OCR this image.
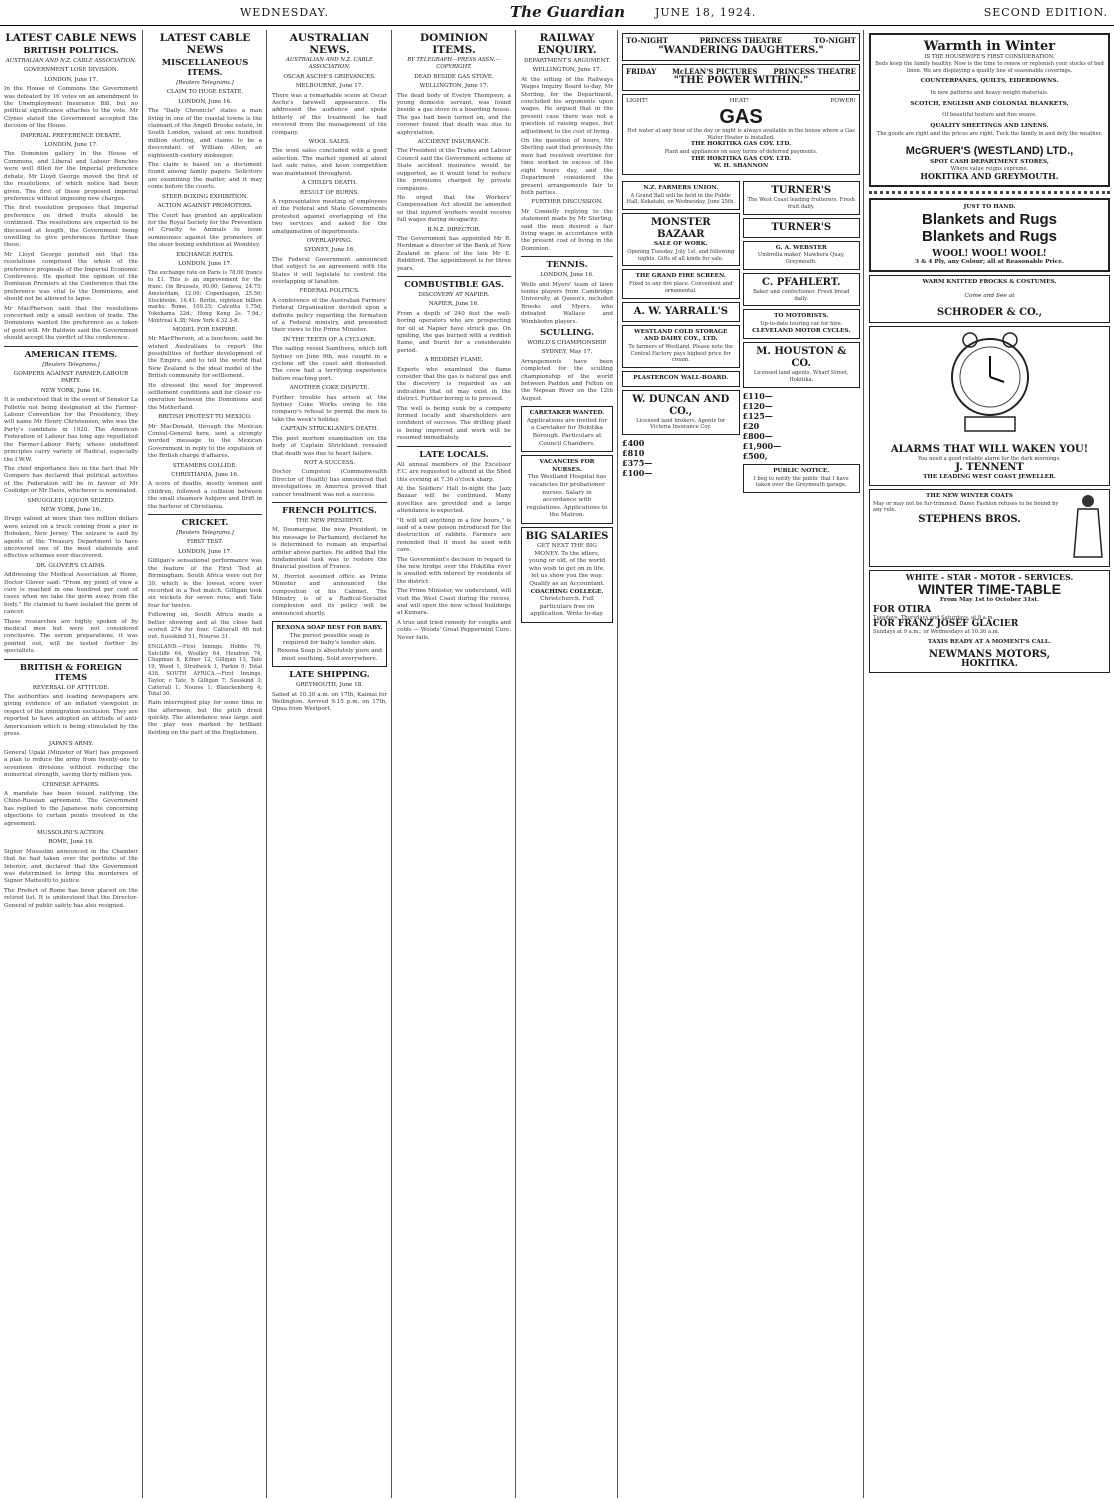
WEDNESDAY.	The Guardian	JUNE 18, 1924.	SECOND EDITION.
LATEST CABLE NEWS
BRITISH POLITICS.
AUSTRALIAN AND N.Z. CABLE ASSOCIATION.
GOVERNMENT LOSE DIVISION.
LONDON, June 17.
In the House of Commons the Government was defeated by 16 votes on an amendment to the Unemployment Insurance Bill, but no political significance attaches to the vote. Mr Clynes stated the Government accepted the decision of the House.
IMPERIAL PREFERENCE DEBATE.
LONDON, June 17.
The Dominion gallery in the House of Commons, and Liberal and Labour Benches were well filled for the Imperial preference debate, Mr Lloyd George moved the first of the resolutions, of which notice had been given. The first of these proposed imperial preference without imposing new charges.
The first resolution proposes that Imperial preference on dried fruits should be continued. The resolutions are expected to be discussed at length, the Government being unwilling to give preferences further than these.
Mr Lloyd George pointed out that the resolutions comprised the whole of the preference proposals of the Imperial Economic Conference. He quoted the opinion of the Dominion Premiers at the Conference that the preference was vital to the Dominions, and should not be allowed to lapse.
Mr MacPherson said that the resolutions concerned only a small section of trade. The Dominions wanted the preference as a token of good-will. Mr Baldwin said the Government should accept the verdict of the conference.
AMERICAN ITEMS.
[Reuters Telegrams.]
GOMPERS AGAINST FARMER-LABOUR PARTY.
NEW YORK, June 16.
It is understood that in the event of Senator La Follette not being designated at the Farmer-Labour Convention for the Presidency, they will name Mr Henry Christensen, who was the Party's candidate in 1920. The American Federation of Labour has long ago repudiated the Farmer-Labour Party, whose undefined principles carry variety of Radical, especially the I.W.W.
The chief importance lies in the fact that Mr Gompers has declared that political activities of the Federation will be in favour of Mr Coolidge or Mr Davis, whichever is nominated.
SMUGGLED LIQUOR SEIZED.
NEW YORK, June 16.
Drugs valued at more than two million dollars were seized on a truck coming from a pier in Hoboken, New Jersey. The seizure is said by agents of the Treasury Department to have uncovered one of the most elaborate and effective schemes ever discovered.
DR. GLOVER'S CLAIMS.
Addressing the Medical Association at Rome, Doctor Glover said: "From my point of view a cure is reached in one hundred per cent of cases when we take the germ away from the body." He claimed to have isolated the germ of cancer.
These researches are highly spoken of by medical men but were not considered conclusive. The serum preparations, it was pointed out, will be tested further by specialists.
BRITISH & FOREIGN ITEMS
REVERSAL OF ATTITUDE.
The authorities and leading newspapers are giving evidence of an inflated viewpoint in respect of the immigration exclusion. They are reported to have adopted an attitude of anti-Americanism which is being stimulated by the press.
JAPAN'S ARMY.
General Ugaki (Minister of War) has proposed a plan to reduce the army from twenty-one to seventeen divisions without reducing the numerical strength, saving thirty million yen.
CHINESE AFFAIRS.
A mandate has been issued ratifying the Chino-Russian agreement. The Government has replied to the Japanese note concerning objections to certain points involved in the agreement.
MUSSOLINI'S ACTION.
ROME, June 16.
Signor Mussolini announced in the Chamber that he had taken over the portfolio of the Interior, and declared that the Government was determined to bring the murderers of Signor Matteotti to justice.
The Prefect of Rome has been placed on the retired list. It is understood that the Director-General of public safety has also resigned.
LATEST CABLE NEWS
MISCELLANEOUS ITEMS.
[Reuters Telegrams.]
CLAIM TO HUGE ESTATE.
LONDON, June 16.
The "Daily Chronicle" states a man living in one of the coastal towns is the claimant of the Angell Brooke estate, in South London, valued at one hundred million sterling, and claims to be a descendant of William Allen, an eighteenth-century innkeeper.
The claim is based on a document found among family papers. Solicitors are examining the matter, and it may come before the courts.
STEER BOXING EXHIBITION.
ACTION AGAINST PROMOTERS.
The Court has granted an application for the Royal Society for the Prevention of Cruelty to Animals to issue summonses against the promoters of the steer boxing exhibition at Wembley.
EXCHANGE RATES.
LONDON, June 17.
The exchange rate on Paris is 78.00 francs to £1. This is an improvement for the franc. On Brussels, 90.00; Geneva, 24.75; Amsterdam, 12.00; Copenhagen, 25.50; Stockholm, 16.41; Berlin, eighteen billion marks; Rome, 100.25; Calcutta 1.75d; Yokohama 22d.; Hong Kong 2s. 7.9d.; Montreal 4.38; New York 4.32 3-8.
MODEL FOR EMPIRE.
Mr MacPherson, at a luncheon, said he wished Australians to report the possibilities of further development of the Empire, and to tell the world that New Zealand is the ideal model of the British community for settlement.
He stressed the need for improved settlement conditions and for closer co-operation between the Dominions and the Motherland.
BRITISH PROTEST TO MEXICO.
Mr MacDonald, through the Mexican Consul-General here, sent a strongly worded message to the Mexican Government in reply to the expulsion of the British chargé d'affaires.
STEAMERS COLLIDE.
CHRISTIANIA, June 16.
A score of deaths, mostly women and children, followed a collision between the small steamers Asbjorn and Drift in the harbour of Christiania.
CRICKET.
[Reuters Telegrams.]
FIRST TEST.
LONDON, June 17.
Gilligan's sensational performance was the feature of the First Test at Birmingham. South Africa were out for 30, which is the lowest score ever recorded in a Test match. Gilligan took six wickets for seven runs, and Tate four for twelve.
Following on, South Africa made a better showing and at the close had scored 274 for four. Catterall 46 not out, Susskind 51, Nourse 31.
ENGLAND.—First Innings. Hobbs 76, Sutcliffe 64, Woolley 64, Hendren 74, Chapman 8, Kilner 12, Gilligan 13, Tate 19, Wood 1, Strudwick 1, Parkin 0; Total 438. SOUTH AFRICA.—First Innings. Taylor, c Tate, b Gilligan 7; Susskind 3; Catterall 1; Nourse 1; Blanckenberg 4; Total 30.
Rain interrupted play for some time in the afternoon, but the pitch dried quickly. The attendance was large and the play was marked by brilliant fielding on the part of the Englishmen.
AUSTRALIAN NEWS.
AUSTRALIAN AND N.Z. CABLE ASSOCIATION.
OSCAR ASCHE'S GRIEVANCES.
MELBOURNE, June 17.
There was a remarkable scene at Oscar Asche's farewell appearance. He addressed the audience and spoke bitterly of the treatment he had received from the management of the company.
WOOL SALES.
The wool sales concluded with a good selection. The market opened at about last sale rates, and keen competition was maintained throughout.
A CHILD'S DEATH.
RESULT OF BURNS.
A representative meeting of employees of the Federal and State Governments protested against overlapping of the two services and asked for the amalgamation of departments.
OVERLAPPING.
SYDNEY, June 16.
The Federal Government announced that subject to an agreement with the States it will legislate to control the overlapping of taxation.
FEDERAL POLITICS.
A conference of the Australian Farmers' Federal Organisation decided upon a definite policy regarding the formation of a Federal ministry, and presented their views to the Prime Minister.
IN THE TEETH OF A CYCLONE.
The sailing vessel Sainthura, which left Sydney on June 9th, was caught in a cyclone off the coast and dismasted. The crew had a terrifying experience before reaching port.
ANOTHER COKE DISPUTE.
Further trouble has arisen at the Sydney Coke Works owing to the company's refusal to permit the men to take the week's holiday.
CAPTAIN STRICKLAND'S DEATH.
The post mortem examination on the body of Captain Strickland revealed that death was due to heart failure.
NOT A SUCCESS.
Doctor Cumpston (Commonwealth Director of Health) has announced that investigations in America proved that cancer treatment was not a success.
FRENCH POLITICS.
THE NEW PRESIDENT.
M. Doumergue, the new President, in his message to Parliament, declared he is determined to remain an impartial arbiter above parties. He added that the fundamental task was to restore the financial position of France.
M. Herriot assumed office as Prime Minister and announced the composition of his Cabinet. The Ministry is of a Radical-Socialist complexion and its policy will be announced shortly.
REXONA SOAP BEST FOR BABY.
The purest possible soap is required for baby's tender skin. Rexona Soap is absolutely pure and most soothing. Sold everywhere.
LATE SHIPPING.
GREYMOUTH, June 18.
Sailed at 10.30 a.m. on 17th, Kaimai for Wellington. Arrived 9.15 p.m. on 17th, Opua from Westport.
DOMINION ITEMS.
BY TELEGRAPH—PRESS ASSN.—COPYRIGHT.
DEAD BESIDE GAS STOVE.
WELLINGTON, June 17.
The dead body of Evelyn Thompson, a young domestic servant, was found beside a gas stove in a boarding house. The gas had been turned on, and the coroner found that death was due to asphyxiation.
ACCIDENT INSURANCE.
The President of the Trades and Labour Council said the Government scheme of State accident insurance would be supported, as it would tend to reduce the premiums charged by private companies.
He urged that the Workers' Compensation Act should be amended so that injured workers would receive full wages during incapacity.
B.N.Z. DIRECTOR.
The Government has appointed Mr R. Herdman a director of the Bank of New Zealand in place of the late Mr E. Riddiford. The appointment is for three years.
COMBUSTIBLE GAS.
DISCOVERY AT NAPIER.
NAPIER, June 16.
From a depth of 240 feet the well-boring operators who are prospecting for oil at Napier have struck gas. On igniting, the gas burned with a reddish flame, and burnt for a considerable period.
A REDDISH FLAME.
Experts who examined the flame consider that the gas is natural gas and the discovery is regarded as an indication that oil may exist in the district. Further boring is to proceed.
The well is being sunk by a company formed locally and shareholders are confident of success. The drilling plant is being improved and work will be resumed immediately.
LATE LOCALS.
All annual members of the Excelsior F.C. are requested to attend at the Shed this evening at 7.30 o'clock sharp.
At the Soldiers' Hall to-night the Jazz Bazaar will be continued. Many novelties are provided and a large attendance is expected.
"It will kill anything in a few hours," is said of a new poison introduced for the destruction of rabbits. Farmers are reminded that it must be used with care.
The Government's decision in regard to the new bridge over the Hokitika river is awaited with interest by residents of the district.
The Prime Minister, we understand, will visit the West Coast during the recess, and will open the new school buildings at Kumara.
A true and tried remedy for coughs and colds — Woods' Great Peppermint Cure. Never fails.
RAILWAY ENQUIRY.
DEPARTMENT'S ARGUMENT.
WELLINGTON, June 17.
At the sitting of the Railways Wages Inquiry Board to-day, Mr Sterling, for the Department, concluded his arguments upon wages. He argued that in the present case there was not a question of raising wages, but adjustment to the cost of living.
On the question of hours, Mr Sterling said that previously the men had received overtime for time worked in excess of the eight hours day, and the Department considered the present arrangements fair to both parties.
FURTHER DISCUSSION.
Mr Connelly replying to the statement made by Mr Sterling, said the men desired a fair living wage in accordance with the present cost of living in the Dominion.
TENNIS.
LONDON, June 16.
Wells and Myers' team of lawn tennis players from Cambridge University, at Queen's, included Brooks and Myers, who defeated Wallace and Wimbledon players.
SCULLING.
WORLD'S CHAMPIONSHIP.
SYDNEY, May 17.
Arrangements have been completed for the sculling championship of the world between Paddon and Felton on the Nepean River on the 12th August.
CARETAKER WANTED.
Applications are invited for a Caretaker for Hokitika Borough. Particulars at Council Chambers.
VACANCIES FOR NURSES.
The Westland Hospital has vacancies for probationer nurses. Salary in accordance with regulations. Applications to the Matron.
BIG SALARIES
GET NEXT THE BIG MONEY. To the idlers, young or old, of the world who wish to get on in life, let us show you the way. Qualify as an Accountant.
COACHING COLLEGE.
Christchurch. Full particulars free on application. Write to-day.
TO-NIGHT	PRINCESS THEATRE	TO-NIGHT
"WANDERING DAUGHTERS."
FRIDAY McLEAN'S PICTURES PRINCESS THEATRE
"THE POWER WITHIN."
LIGHT!	HEAT!	POWER!
GAS
Hot water at any hour of the day or night is always available in the house where a Gas Water Heater is installed.
THE HOKITIKA GAS COY. LTD.
Plant and appliances on easy terms of deferred payments.
THE HOKITIKA GAS COY. LTD.
W. H. SHANNON
N.Z. FARMERS UNION.
A Grand Ball will be held in the Public Hall, Kokatahi, on Wednesday, June 25th.
MONSTER BAZAAR
SALE OF WORK.
Opening Tuesday, July 1st, and following nights. Gifts of all kinds for sale.
THE GRAND FIRE SCREEN.
Fixed to any fire place. Convenient and ornamental.
A. W. YARRALL'S
WESTLAND COLD STORAGE AND DAIRY COY., LTD.
To farmers of Westland. Please note the Central Factory pays highest price for cream.
PLASTERCON WALL-BOARD.
W. DUNCAN AND CO.,
Licensed land brokers. Agents for Victoria Insurance Coy.
£400
£810
£375—
£100—
TURNER'S
The West Coast leading fruiterers. Fresh fruit daily.
TURNER'S
G. A. WEBSTER
Umbrella maker, Mawhera Quay, Greymouth.
C. PFAHLERT.
Baker and confectioner. Fresh bread daily.
TO MOTORISTS.
Up-to-date touring car for hire.
CLEVELAND MOTOR CYCLES.
M. HOUSTON & CO.
Licensed land agents, Wharf Street, Hokitika.
£110—
£120—
£125—
£20
£800—
£1,900—
£500,
PUBLIC NOTICE.
I beg to notify the public that I have taken over the Greymouth garage.
Warmth in Winter
IS THE HOUSEWIFE'S FIRST CONSIDERATION.
Beds keep the family healthy. Now is the time to renew or replenish your stocks of bed linen. We are displaying a quality line of seasonable coverings.
COUNTERPANES, QUILTS, EIDERDOWNS.
In new patterns and heavy-weight materials.
SCOTCH, ENGLISH AND COLONIAL BLANKETS,
Of beautiful texture and fine weave.
QUALITY SHEETINGS AND LINENS.
The goods are right and the prices are right. Tuck the family in and defy the weather.
McGRUER'S (WESTLAND) LTD.,
SPOT CASH DEPARTMENT STORES,
Where value reigns supreme.
HOKITIKA AND GREYMOUTH.
JUST TO HAND.
Blankets and Rugs
Blankets and Rugs
WOOL! WOOL! WOOL!
3 & 4 Ply, any Colour; all at Reasonable Price.
WARM KNITTED FROCKS & COSTUMES.
Come and See at
SCHRODER & CO.,
ALARMS THAT WILL WAKEN YOU!
You need a good reliable alarm for the dark mornings.
J. TENNENT
THE LEADING WEST COAST JEWELLER.
THE NEW WINTER COATS
May or may not be fur-trimmed. Dame Fashion refuses to be bound by any rule.
STEPHENS BROS.
WHITE - STAR - MOTOR - SERVICES.
WINTER TIME-TABLE
From May 1st to October 31st.
FOR OTIRA
Tuesdays, Thursdays and Saturdays, at 8 a.m.
FOR FRANZ JOSEF GLACIER
Sundays at 9 a.m.; or Wednesdays at 10.30 a.m.
TAXIS READY AT A MOMENT'S CALL.
NEWMANS MOTORS,
HOKITIKA.
